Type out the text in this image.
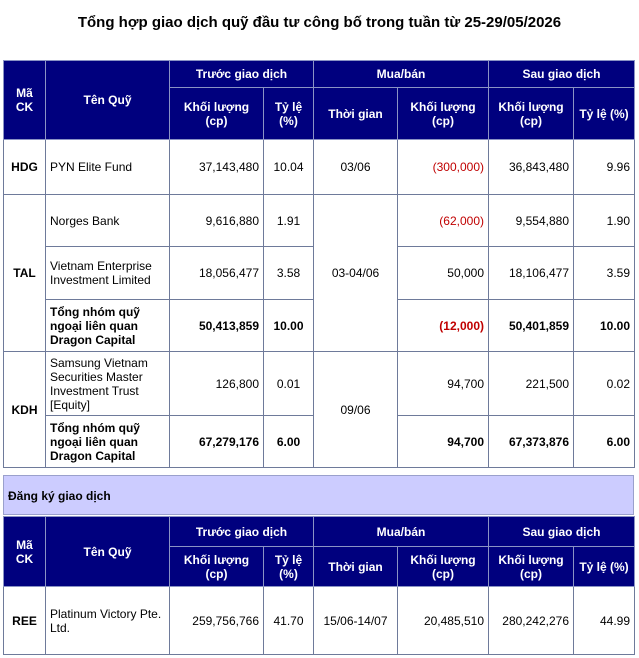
Tổng hợp giao dịch quỹ đầu tư công bố trong tuần từ 25-29/05/2026
Mã CK	Tên Quỹ	Trước giao dịch		Mua/bán		Sau giao dịch	
		Khối lượng (cp)	Tỷ lệ (%)	Thời gian	Khối lượng (cp)	Khối lượng (cp)	Tỷ lệ (%)
HDG	PYN Elite Fund	37,143,480	10.04	03/06	(300,000)	36,843,480	9.96
TAL	Norges Bank	9,616,880	1.91	03-04/06	(62,000)	9,554,880	1.90
	Vietnam Enterprise Investment Limited	18,056,477	3.58		50,000	18,106,477	3.59
	Tổng nhóm quỹ ngoại liên quan Dragon Capital	50,413,859	10.00		(12,000)	50,401,859	10.00
KDH	Samsung Vietnam Securities Master Investment Trust [Equity]	126,800	0.01	09/06	94,700	221,500	0.02
	Tổng nhóm quỹ ngoại liên quan Dragon Capital	67,279,176	6.00		94,700	67,373,876	6.00
Đăng ký giao dịch
Mã CK	Tên Quỹ	Trước giao dịch		Mua/bán		Sau giao dịch	
		Khối lượng (cp)	Tỷ lệ (%)	Thời gian	Khối lượng (cp)	Khối lượng (cp)	Tỷ lệ (%)
REE	Platinum Victory Pte. Ltd.	259,756,766	41.70	15/06-14/07	20,485,510	280,242,276	44.99
